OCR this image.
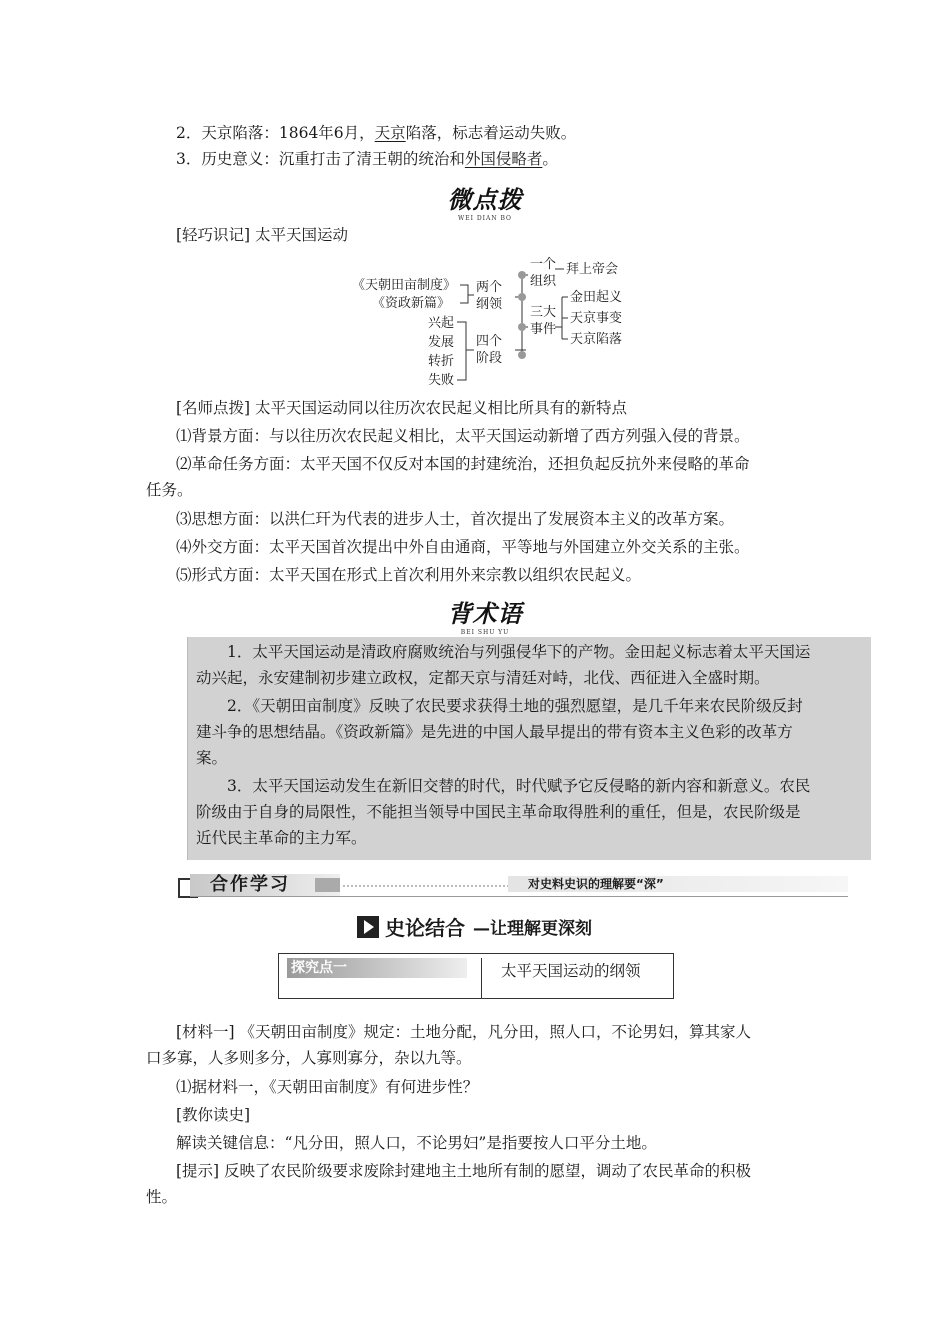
2．天京陷落：1864年6月，天京陷落，标志着运动失败。
3．历史意义：沉重打击了清王朝的统治和外国侵略者。
微点拨
WEI DIAN BO
[轻巧识记] 太平天国运动
《天朝田亩制度》
《资政新篇》
两个纲领
一个组织
拜上帝会
三大事件
金田起义
天京事变
天京陷落
四个阶段
兴起
发展
转折
失败
[名师点拨] 太平天国运动同以往历次农民起义相比所具有的新特点
⑴背景方面：与以往历次农民起义相比，太平天国运动新增了西方列强入侵的背景。
⑵革命任务方面：太平天国不仅反对本国的封建统治，还担负起反抗外来侵略的革命
任务。
⑶思想方面：以洪仁玕为代表的进步人士，首次提出了发展资本主义的改革方案。
⑷外交方面：太平天国首次提出中外自由通商，平等地与外国建立外交关系的主张。
⑸形式方面：太平天国在形式上首次利用外来宗教以组织农民起义。
背术语
BEI SHU YU
1．太平天国运动是清政府腐败统治与列强侵华下的产物。金田起义标志着太平天国运
动兴起，永安建制初步建立政权，定都天京与清廷对峙，北伐、西征进入全盛时期。
2．《天朝田亩制度》反映了农民要求获得土地的强烈愿望，是几千年来农民阶级反封
建斗争的思想结晶。《资政新篇》是先进的中国人最早提出的带有资本主义色彩的改革方
案。
3．太平天国运动发生在新旧交替的时代，时代赋予它反侵略的新内容和新意义。农民
阶级由于自身的局限性，不能担当领导中国民主革命取得胜利的重任，但是，农民阶级是
近代民主革命的主力军。
合作学习	对史料史识的理解要“深”
史论结合 —让理解更深刻
探究点一	太平天国运动的纲领
[材料一] 《天朝田亩制度》规定：土地分配，凡分田，照人口，不论男妇，算其家人
口多寡，人多则多分，人寡则寡分，杂以九等。
⑴据材料一，《天朝田亩制度》有何进步性？
[教你读史]
解读关键信息：“凡分田，照人口，不论男妇”是指要按人口平分土地。
[提示] 反映了农民阶级要求废除封建地主土地所有制的愿望，调动了农民革命的积极
性。
